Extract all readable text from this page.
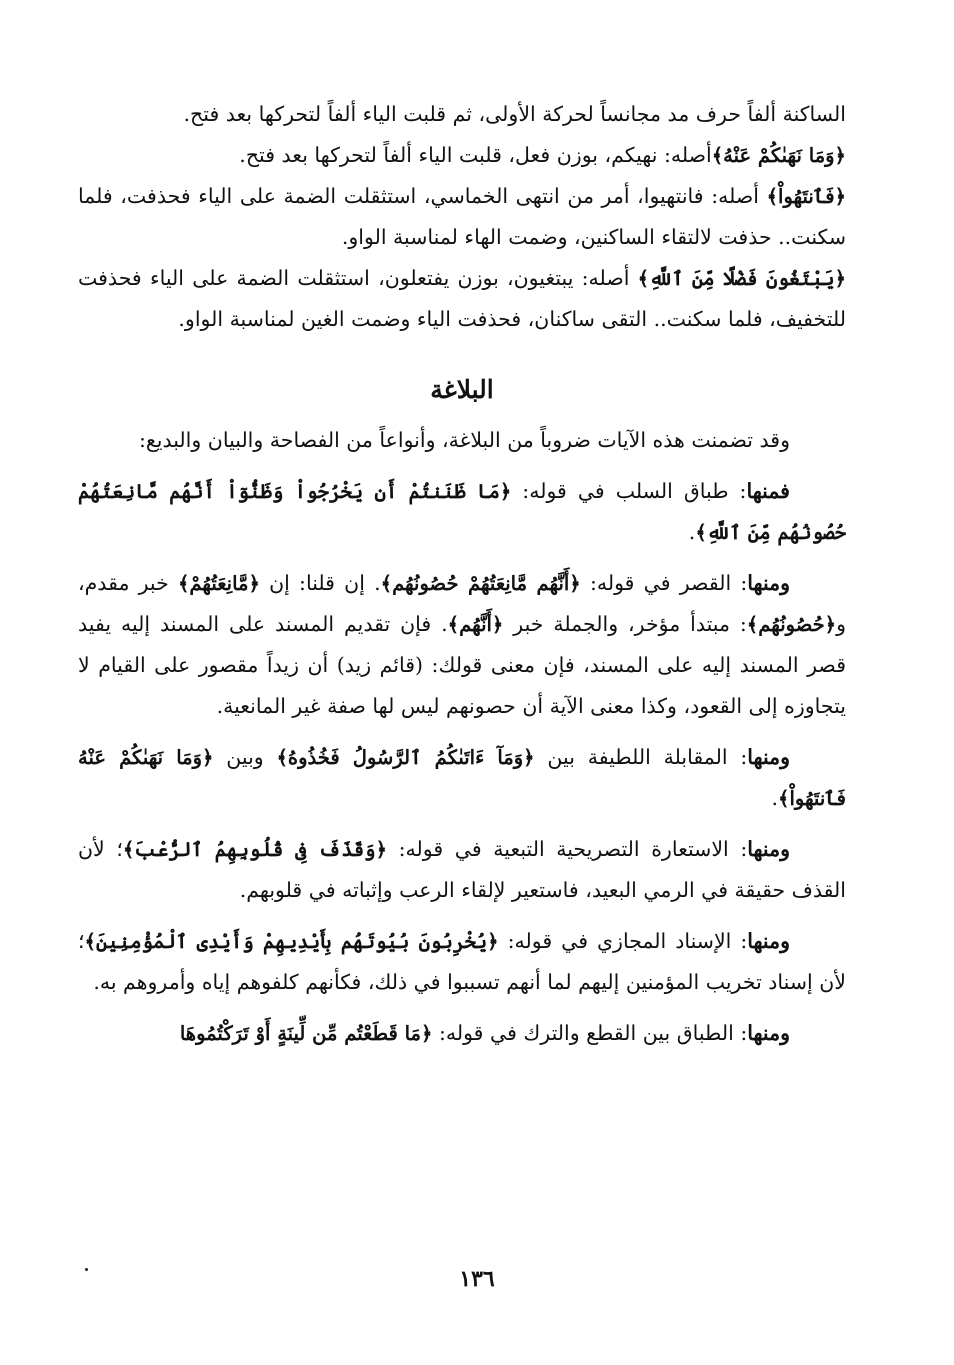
الساكنة ألفاً حرف مد مجانساً لحركة الأولى، ثم قلبت الياء ألفاً لتحركها بعد فتح.

﴿وَمَا نَهَىٰكُمْ عَنْهُ﴾أصله: نهيكم، بوزن فعل، قلبت الياء ألفاً لتحركها بعد فتح.

﴿فَٱنتَهُواْ﴾ أصله: فانتهيوا، أمر من انتهى الخماسي، استثقلت الضمة على الياء فحذفت، فلما سكنت.. حذفت لالتقاء الساكنين، وضمت الهاء لمناسبة الواو.

﴿يَبْتَغُونَ فَضْلًا مِّنَ ٱللَّهِ﴾ أصله: يبتغيون، بوزن يفتعلون، استثقلت الضمة على الياء فحذفت للتخفيف، فلما سكنت.. التقى ساكنان، فحذفت الياء وضمت الغين لمناسبة الواو.

البلاغة

وقد تضمنت هذه الآيات ضروباً من البلاغة، وأنواعاً من الفصاحة والبيان والبديع:

فمنها: طباق السلب في قوله: ﴿مَا ظَنَنتُمْ أَن يَخْرُجُواْ وَظَنُّوٓاْ أَنَّهُم مَّانِعَتُهُمْ حُصُونُهُم مِّنَ ٱللَّهِ﴾.

ومنها: القصر في قوله: ﴿أَنَّهُم مَّانِعَتُهُمْ حُصُونُهُم﴾. إن قلنا: إن ﴿مَّانِعَتُهُمْ﴾ خبر مقدم، و﴿حُصُونُهُم﴾: مبتدأ مؤخر، والجملة خبر ﴿أَنَّهُم﴾. فإن تقديم المسند على المسند إليه يفيد قصر المسند إليه على المسند، فإن معنى قولك: (قائم زيد) أن زيداً مقصور على القيام لا يتجاوزه إلى القعود، وكذا معنى الآية أن حصونهم ليس لها صفة غير المانعية.

ومنها: المقابلة اللطيفة بين ﴿وَمَآ ءَاتَىٰكُمُ ٱلرَّسُولُ فَخُذُوهُ﴾ وبين ﴿وَمَا نَهَىٰكُمْ عَنْهُ فَٱنتَهُواْ﴾.

ومنها: الاستعارة التصريحية التبعية في قوله: ﴿وَقَذَفَ فِى قُلُوبِهِمُ ٱلرُّعْبَ﴾؛ لأن القذف حقيقة في الرمي البعيد، فاستعير لإلقاء الرعب وإثباته في قلوبهم.

ومنها: الإسناد المجازي في قوله: ﴿يُخْرِبُونَ بُيُوتَهُم بِأَيْدِيهِمْ وَأَيْدِى ٱلْمُؤْمِنِينَ﴾؛ لأن إسناد تخريب المؤمنين إليهم لما أنهم تسببوا في ذلك، فكأنهم كلفوهم إياه وأمروهم به.

ومنها: الطباق بين القطع والترك في قوله: ﴿مَا قَطَعْتُم مِّن لِّينَةٍ أَوْ تَرَكْتُمُوهَا

١٣٦
